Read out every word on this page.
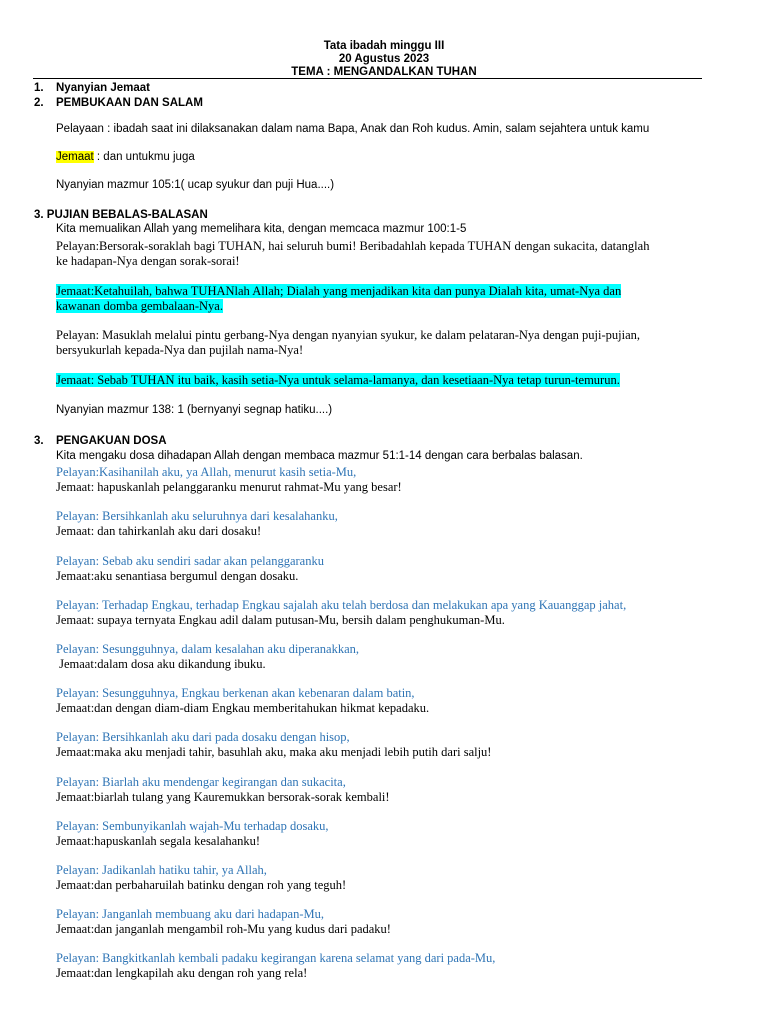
Tata ibadah minggu III
20 Agustus 2023
TEMA : MENGANDALKAN TUHAN
1. Nyanyian Jemaat
2. PEMBUKAAN DAN SALAM
Pelayaan : ibadah saat ini dilaksanakan dalam nama Bapa, Anak dan Roh kudus. Amin, salam sejahtera untuk kamu
Jemaat : dan untukmu juga
Nyanyian mazmur 105:1( ucap syukur dan puji Hua....)
3. PUJIAN BEBALAS-BALASAN
Kita memualikan Allah yang memelihara kita, dengan memcaca mazmur 100:1-5
Pelayan:Bersorak-soraklah bagi TUHAN, hai seluruh bumi! Beribadahlah kepada TUHAN dengan sukacita, datanglah
ke hadapan-Nya dengan sorak-sorai!
Jemaat:Ketahuilah, bahwa TUHANlah Allah; Dialah yang menjadikan kita dan punya Dialah kita, umat-Nya dan
kawanan domba gembalaan-Nya.
Pelayan: Masuklah melalui pintu gerbang-Nya dengan nyanyian syukur, ke dalam pelataran-Nya dengan puji-pujian,
bersyukurlah kepada-Nya dan pujilah nama-Nya!
Jemaat: Sebab TUHAN itu baik, kasih setia-Nya untuk selama-lamanya, dan kesetiaan-Nya tetap turun-temurun.
Nyanyian mazmur 138: 1 (bernyanyi segnap hatiku....)
3. PENGAKUAN DOSA
Kita mengaku dosa dihadapan Allah dengan membaca mazmur 51:1-14 dengan cara berbalas balasan.
Pelayan:Kasihanilah aku, ya Allah, menurut kasih setia-Mu,
Jemaat: hapuskanlah pelanggaranku menurut rahmat-Mu yang besar!
Pelayan: Bersihkanlah aku seluruhnya dari kesalahanku,
Jemaat: dan tahirkanlah aku dari dosaku!
Pelayan: Sebab aku sendiri sadar akan pelanggaranku
Jemaat:aku senantiasa bergumul dengan dosaku.
Pelayan: Terhadap Engkau, terhadap Engkau sajalah aku telah berdosa dan melakukan apa yang Kauanggap jahat,
Jemaat: supaya ternyata Engkau adil dalam putusan-Mu, bersih dalam penghukuman-Mu.
Pelayan: Sesungguhnya, dalam kesalahan aku diperanakkan,
Jemaat:dalam dosa aku dikandung ibuku.
Pelayan: Sesungguhnya, Engkau berkenan akan kebenaran dalam batin,
Jemaat:dan dengan diam-diam Engkau memberitahukan hikmat kepadaku.
Pelayan: Bersihkanlah aku dari pada dosaku dengan hisop,
Jemaat:maka aku menjadi tahir, basuhlah aku, maka aku menjadi lebih putih dari salju!
Pelayan: Biarlah aku mendengar kegirangan dan sukacita,
Jemaat:biarlah tulang yang Kauremukkan bersorak-sorak kembali!
Pelayan: Sembunyikanlah wajah-Mu terhadap dosaku,
Jemaat:hapuskanlah segala kesalahanku!
Pelayan: Jadikanlah hatiku tahir, ya Allah,
Jemaat:dan perbaharuilah batinku dengan roh yang teguh!
Pelayan: Janganlah membuang aku dari hadapan-Mu,
Jemaat:dan janganlah mengambil roh-Mu yang kudus dari padaku!
Pelayan: Bangkitkanlah kembali padaku kegirangan karena selamat yang dari pada-Mu,
Jemaat:dan lengkapilah aku dengan roh yang rela!
